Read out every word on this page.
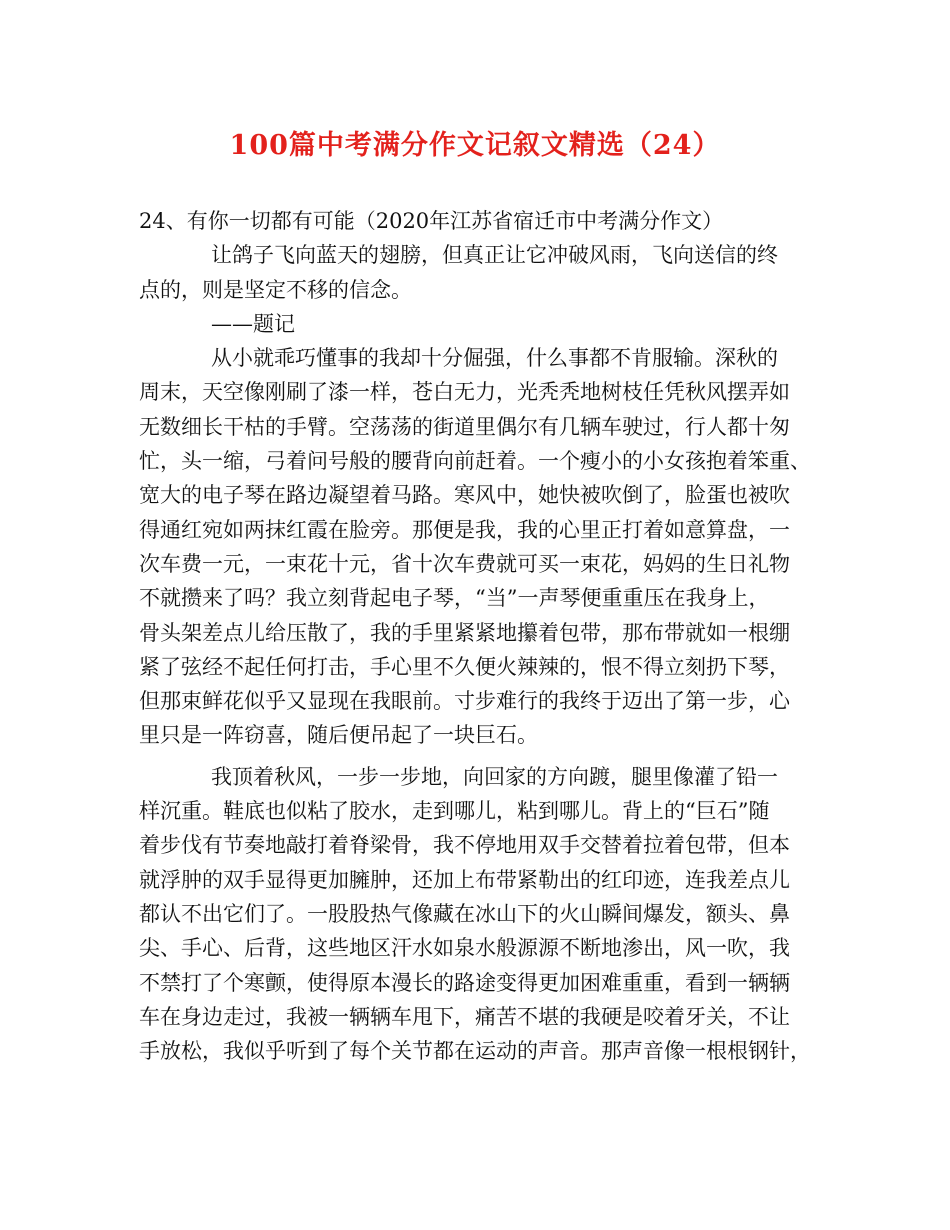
100篇中考满分作文记叙文精选（24）
24、有你一切都有可能（2020年江苏省宿迁市中考满分作文）
让鸽子飞向蓝天的翅膀，但真正让它冲破风雨，飞向送信的终
点的，则是坚定不移的信念。
——题记
从小就乖巧懂事的我却十分倔强，什么事都不肯服输。深秋的
周末，天空像刚刷了漆一样，苍白无力，光秃秃地树枝任凭秋风摆弄如
无数细长干枯的手臂。空荡荡的街道里偶尔有几辆车驶过，行人都十匆
忙，头一缩，弓着问号般的腰背向前赶着。一个瘦小的小女孩抱着笨重、
宽大的电子琴在路边凝望着马路。寒风中，她快被吹倒了，脸蛋也被吹
得通红宛如两抹红霞在脸旁。那便是我，我的心里正打着如意算盘，一
次车费一元，一束花十元，省十次车费就可买一束花，妈妈的生日礼物
不就攒来了吗？我立刻背起电子琴，“当”一声琴便重重压在我身上，
骨头架差点儿给压散了，我的手里紧紧地攥着包带，那布带就如一根绷
紧了弦经不起任何打击，手心里不久便火辣辣的，恨不得立刻扔下琴，
但那束鲜花似乎又显现在我眼前。寸步难行的我终于迈出了第一步，心
里只是一阵窃喜，随后便吊起了一块巨石。
我顶着秋风，一步一步地，向回家的方向踱，腿里像灌了铅一
样沉重。鞋底也似粘了胶水，走到哪儿，粘到哪儿。背上的“巨石”随
着步伐有节奏地敲打着脊梁骨，我不停地用双手交替着拉着包带，但本
就浮肿的双手显得更加臃肿，还加上布带紧勒出的红印迹，连我差点儿
都认不出它们了。一股股热气像藏在冰山下的火山瞬间爆发，额头、鼻
尖、手心、后背，这些地区汗水如泉水般源源不断地渗出，风一吹，我
不禁打了个寒颤，使得原本漫长的路途变得更加困难重重，看到一辆辆
车在身边走过，我被一辆辆车甩下，痛苦不堪的我硬是咬着牙关，不让
手放松，我似乎听到了每个关节都在运动的声音。那声音像一根根钢针，
